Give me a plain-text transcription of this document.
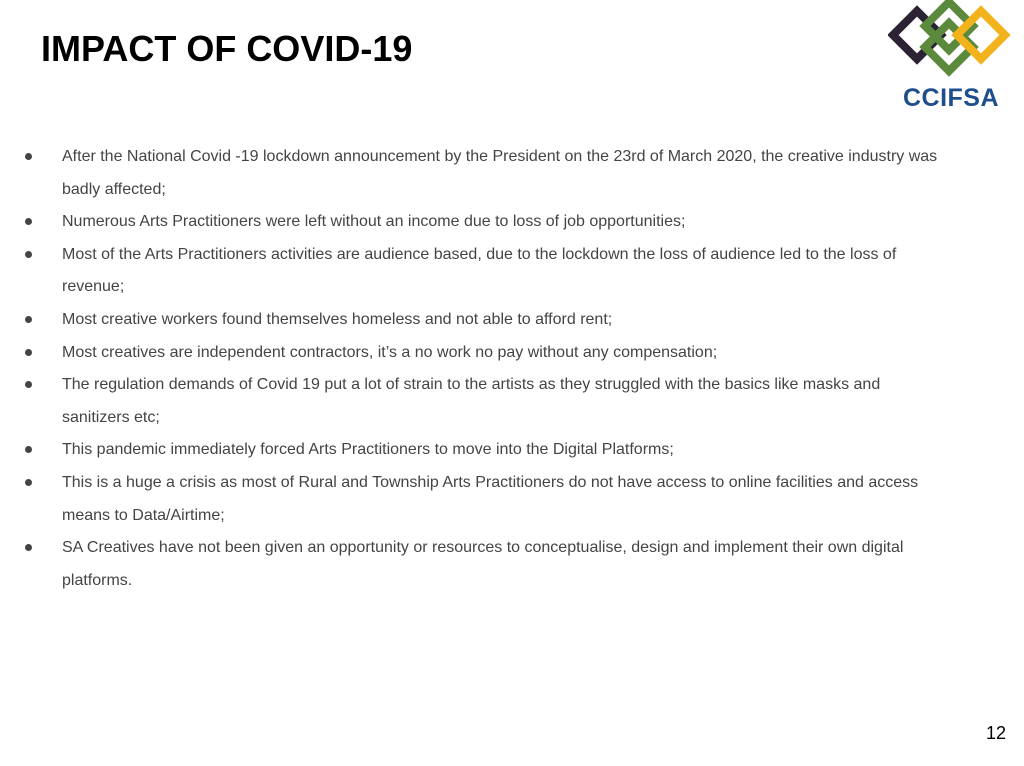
IMPACT OF COVID-19
CCIFSA
After the National Covid -19 lockdown announcement by the President on the 23rd of March 2020, the creative industry was badly affected;
Numerous Arts Practitioners were left without an income due to loss of job opportunities;
Most of the Arts Practitioners activities are audience based, due to the lockdown the loss of audience led to the loss of revenue;
Most creative workers found themselves homeless and not able to afford rent;
Most creatives are independent contractors, it’s a no work no pay without any compensation;
The regulation demands of Covid 19 put a lot of strain to the artists as they struggled with the basics like masks and sanitizers etc;
This pandemic immediately forced Arts Practitioners to move into the Digital Platforms;
This is a huge a crisis as most of Rural and Township Arts Practitioners do not have access to online facilities and access means to Data/Airtime;
SA Creatives have not been given an opportunity or resources to conceptualise, design and implement their own digital platforms.
12
